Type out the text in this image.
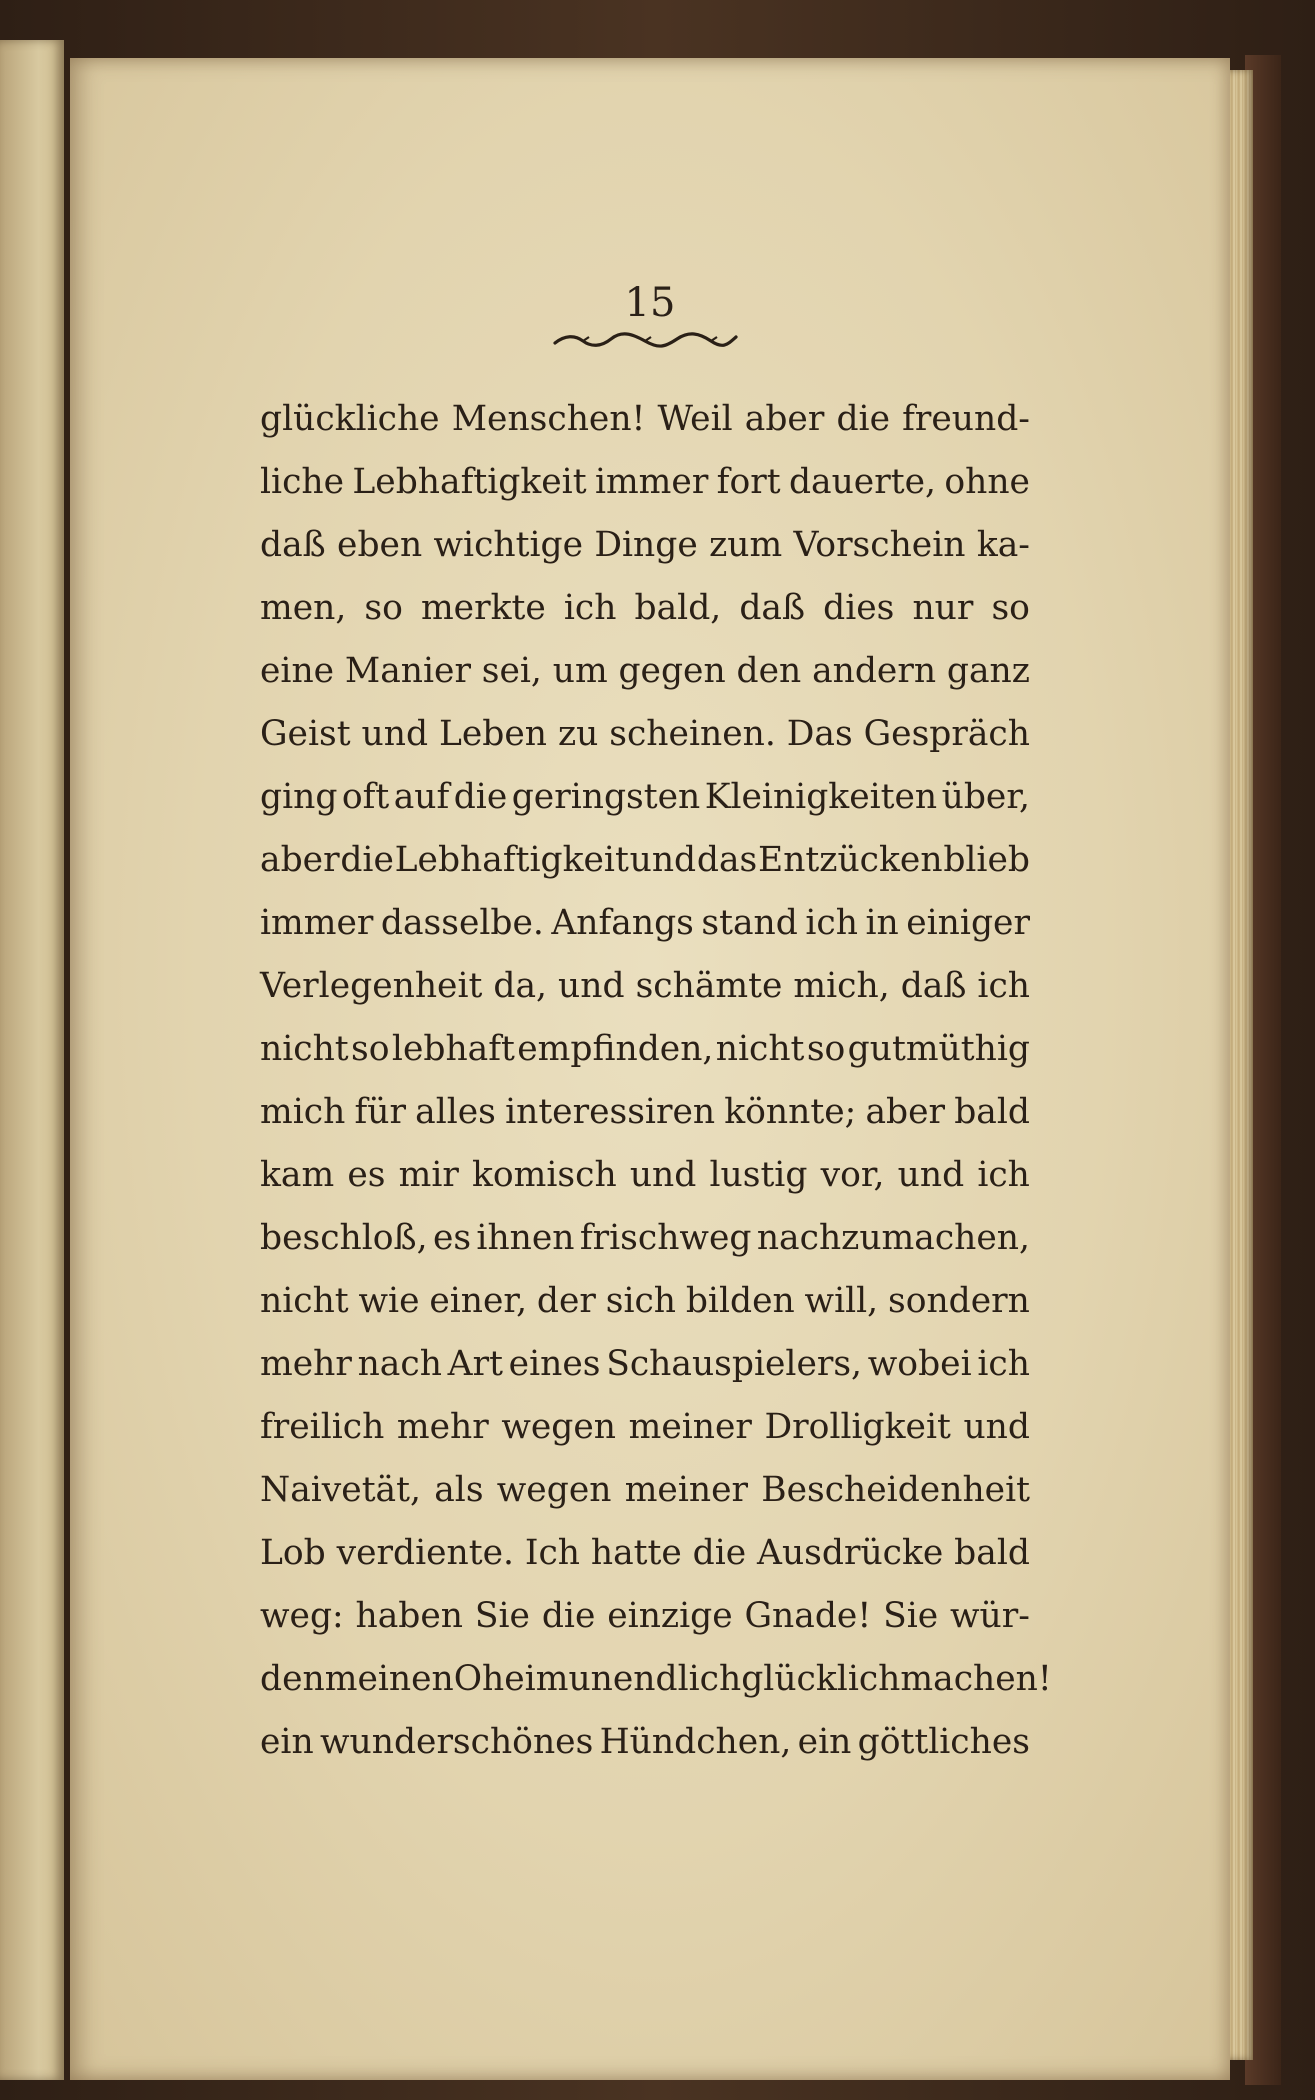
15
glückliche Menschen! Weil aber die freund-
liche Lebhaftigkeit immer fort dauerte, ohne
daß eben wichtige Dinge zum Vorschein ka-
men, so merkte ich bald, daß dies nur so
eine Manier sei, um gegen den andern ganz
Geist und Leben zu scheinen. Das Gespräch
ging oft auf die geringsten Kleinigkeiten über,
aber die Lebhaftigkeit und das Entzücken blieb
immer dasselbe. Anfangs stand ich in einiger
Verlegenheit da, und schämte mich, daß ich
nicht so lebhaft empfinden, nicht so gutmüthig
mich für alles interessiren könnte; aber bald
kam es mir komisch und lustig vor, und ich
beschloß, es ihnen frischweg nachzumachen,
nicht wie einer, der sich bilden will, sondern
mehr nach Art eines Schauspielers, wobei ich
freilich mehr wegen meiner Drolligkeit und
Naivetät, als wegen meiner Bescheidenheit
Lob verdiente. Ich hatte die Ausdrücke bald
weg: haben Sie die einzige Gnade! Sie wür-
den meinen Oheim unendlich glücklich machen!
ein wunderschönes Hündchen, ein göttliches
